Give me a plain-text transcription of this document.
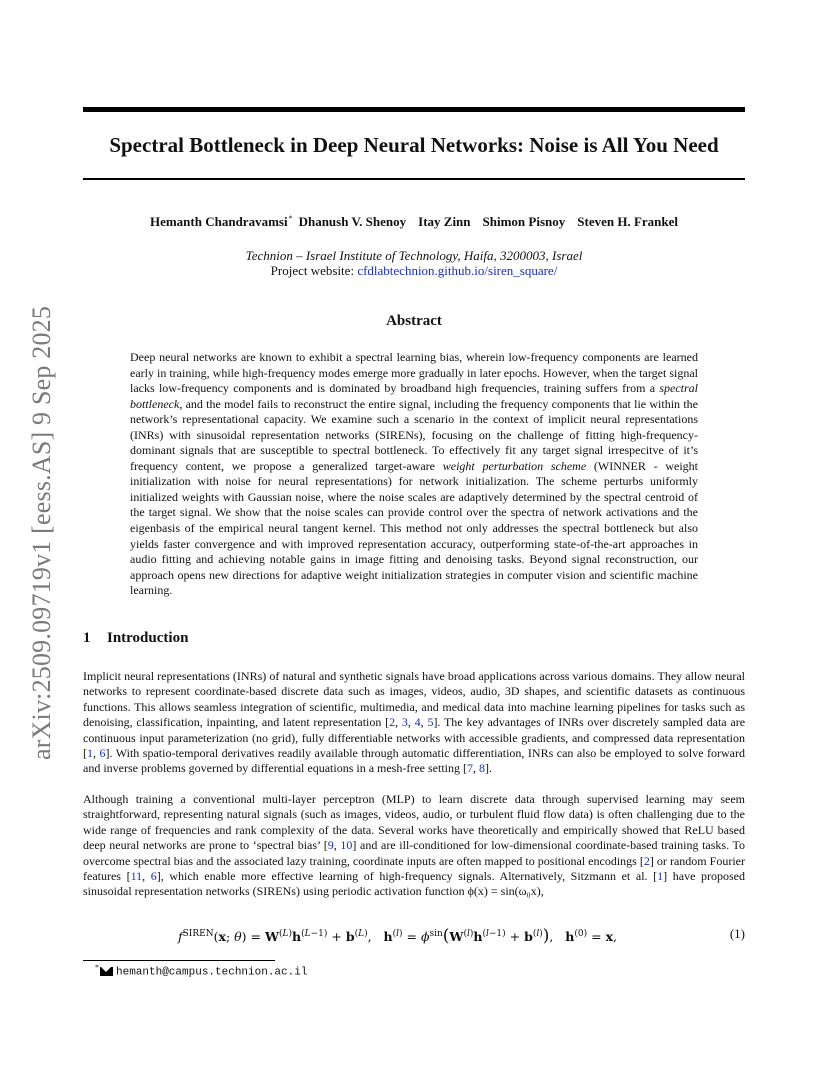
arXiv:2509.09719v1 [eess.AS] 9 Sep 2025
Spectral Bottleneck in Deep Neural Networks: Noise is All You Need
Hemanth Chandravamsi* Dhanush V. Shenoy Itay Zinn Shimon Pisnoy Steven H. Frankel
Technion – Israel Institute of Technology, Haifa, 3200003, Israel
Project website: cfdlabtechnion.github.io/siren_square/
Abstract

Deep neural networks are known to exhibit a spectral learning bias, wherein low-frequency components are learned early in training, while high-frequency modes emerge more gradually in later epochs. However, when the target signal lacks low-frequency components and is dominated by broadband high frequencies, training suffers from a spectral bottleneck, and the model fails to reconstruct the entire signal, including the frequency components that lie within the network’s representational capacity. We examine such a scenario in the context of implicit neural representations (INRs) with sinusoidal representation networks (SIRENs), focusing on the challenge of fitting high-frequency-dominant signals that are susceptible to spectral bottleneck. To effectively fit any target signal irrespecitve of it’s frequency content, we propose a generalized target-aware weight perturbation scheme (WINNER - weight initialization with noise for neural representations) for network initialization. The scheme perturbs uniformly initialized weights with Gaussian noise, where the noise scales are adaptively determined by the spectral centroid of the target signal. We show that the noise scales can provide control over the spectra of network activations and the eigenbasis of the empirical neural tangent kernel. This method not only addresses the spectral bottleneck but also yields faster convergence and with improved representation accuracy, outperforming state-of-the-art approaches in audio fitting and achieving notable gains in image fitting and denoising tasks. Beyond signal reconstruction, our approach opens new directions for adaptive weight initialization strategies in computer vision and scientific machine learning.

1 Introduction

Implicit neural representations (INRs) of natural and synthetic signals have broad applications across various domains. They allow neural networks to represent coordinate-based discrete data such as images, videos, audio, 3D shapes, and scientific datasets as continuous functions. This allows seamless integration of scientific, multimedia, and medical data into machine learning pipelines for tasks such as denoising, classification, inpainting, and latent representation [2, 3, 4, 5]. The key advantages of INRs over discretely sampled data are continuous input parameterization (no grid), fully differentiable networks with accessible gradients, and compressed data representation [1, 6]. With spatio-temporal derivatives readily available through automatic differentiation, INRs can also be employed to solve forward and inverse problems governed by differential equations in a mesh-free setting [7, 8].

Although training a conventional multi-layer perceptron (MLP) to learn discrete data through supervised learning may seem straightforward, representing natural signals (such as images, videos, audio, or turbulent fluid flow data) is often challenging due to the wide range of frequencies and rank complexity of the data. Several works have theoretically and empirically showed that ReLU based deep neural networks are prone to ‘spectral bias’ [9, 10] and are ill-conditioned for low-dimensional coordinate-based training tasks. To overcome spectral bias and the associated lazy training, coordinate inputs are often mapped to positional encodings [2] or random Fourier features [11, 6], which enable more effective learning of high-frequency signals. Alternatively, Sitzmann et al. [1] have proposed sinusoidal representation networks (SIRENs) using periodic activation function ϕ(x) = sin(ω₀x),

$f^{SIREN}(x$; $\theta) = W^{(L)}h^{(L-1)} + b^{(L)}$,   $h^{(l)} = \phi^{sin}(W^{(l)}h^{(l-1)} + b^{(l)})$,   $h^{(0)} = x$,	(1)
* hemanth@campus.technion.ac.il
